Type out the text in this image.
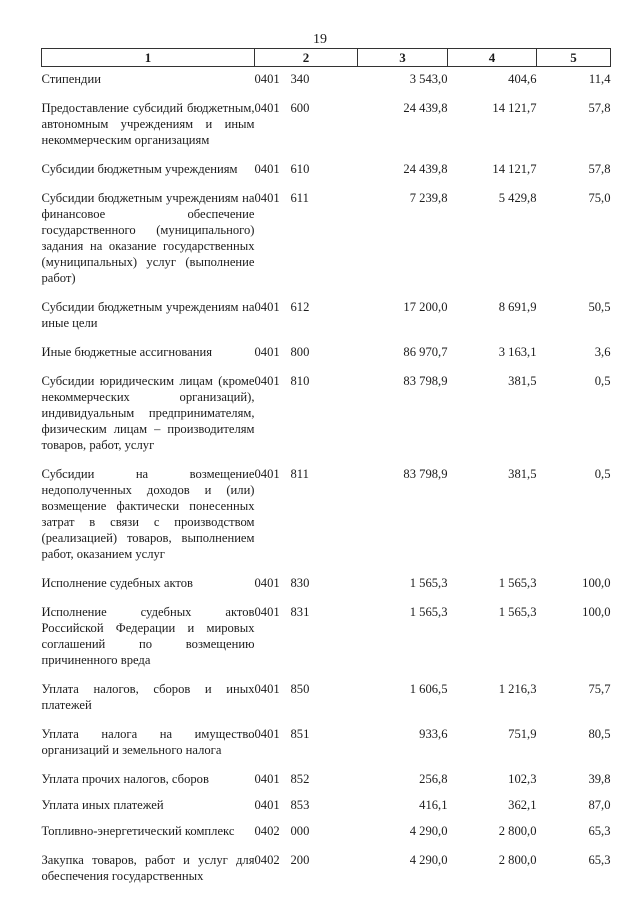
19
1	2	3	4	5
Стипендии	0401 340	3 543,0	404,6	11,4
Предоставление субсидий бюджетным, автономным учреждениям и иным некоммерческим организациям	0401 600	24 439,8	14 121,7	57,8
Субсидии бюджетным учреждениям	0401 610	24 439,8	14 121,7	57,8
Субсидии бюджетным учреждениям на финансовое обеспечение государственного (муниципального) задания на оказание государственных (муниципальных) услуг (выполнение работ)	0401 611	7 239,8	5 429,8	75,0
Субсидии бюджетным учреждениям на иные цели	0401 612	17 200,0	8 691,9	50,5
Иные бюджетные ассигнования	0401 800	86 970,7	3 163,1	3,6
Субсидии юридическим лицам (кроме некоммерческих организаций), индивидуальным предпринимателям, физическим лицам – производителям товаров, работ, услуг	0401 810	83 798,9	381,5	0,5
Субсидии на возмещение недополученных доходов и (или) возмещение фактически понесенных затрат в связи с производством (реализацией) товаров, выполнением работ, оказанием услуг	0401 811	83 798,9	381,5	0,5
Исполнение судебных актов	0401 830	1 565,3	1 565,3	100,0
Исполнение судебных актов Российской Федерации и мировых соглашений по возмещению причиненного вреда	0401 831	1 565,3	1 565,3	100,0
Уплата налогов, сборов и иных платежей	0401 850	1 606,5	1 216,3	75,7
Уплата налога на имущество организаций и земельного налога	0401 851	933,6	751,9	80,5
Уплата прочих налогов, сборов	0401 852	256,8	102,3	39,8
Уплата иных платежей	0401 853	416,1	362,1	87,0
Топливно-энергетический комплекс	0402 000	4 290,0	2 800,0	65,3
Закупка товаров, работ и услуг для обеспечения государственных	0402 200	4 290,0	2 800,0	65,3
